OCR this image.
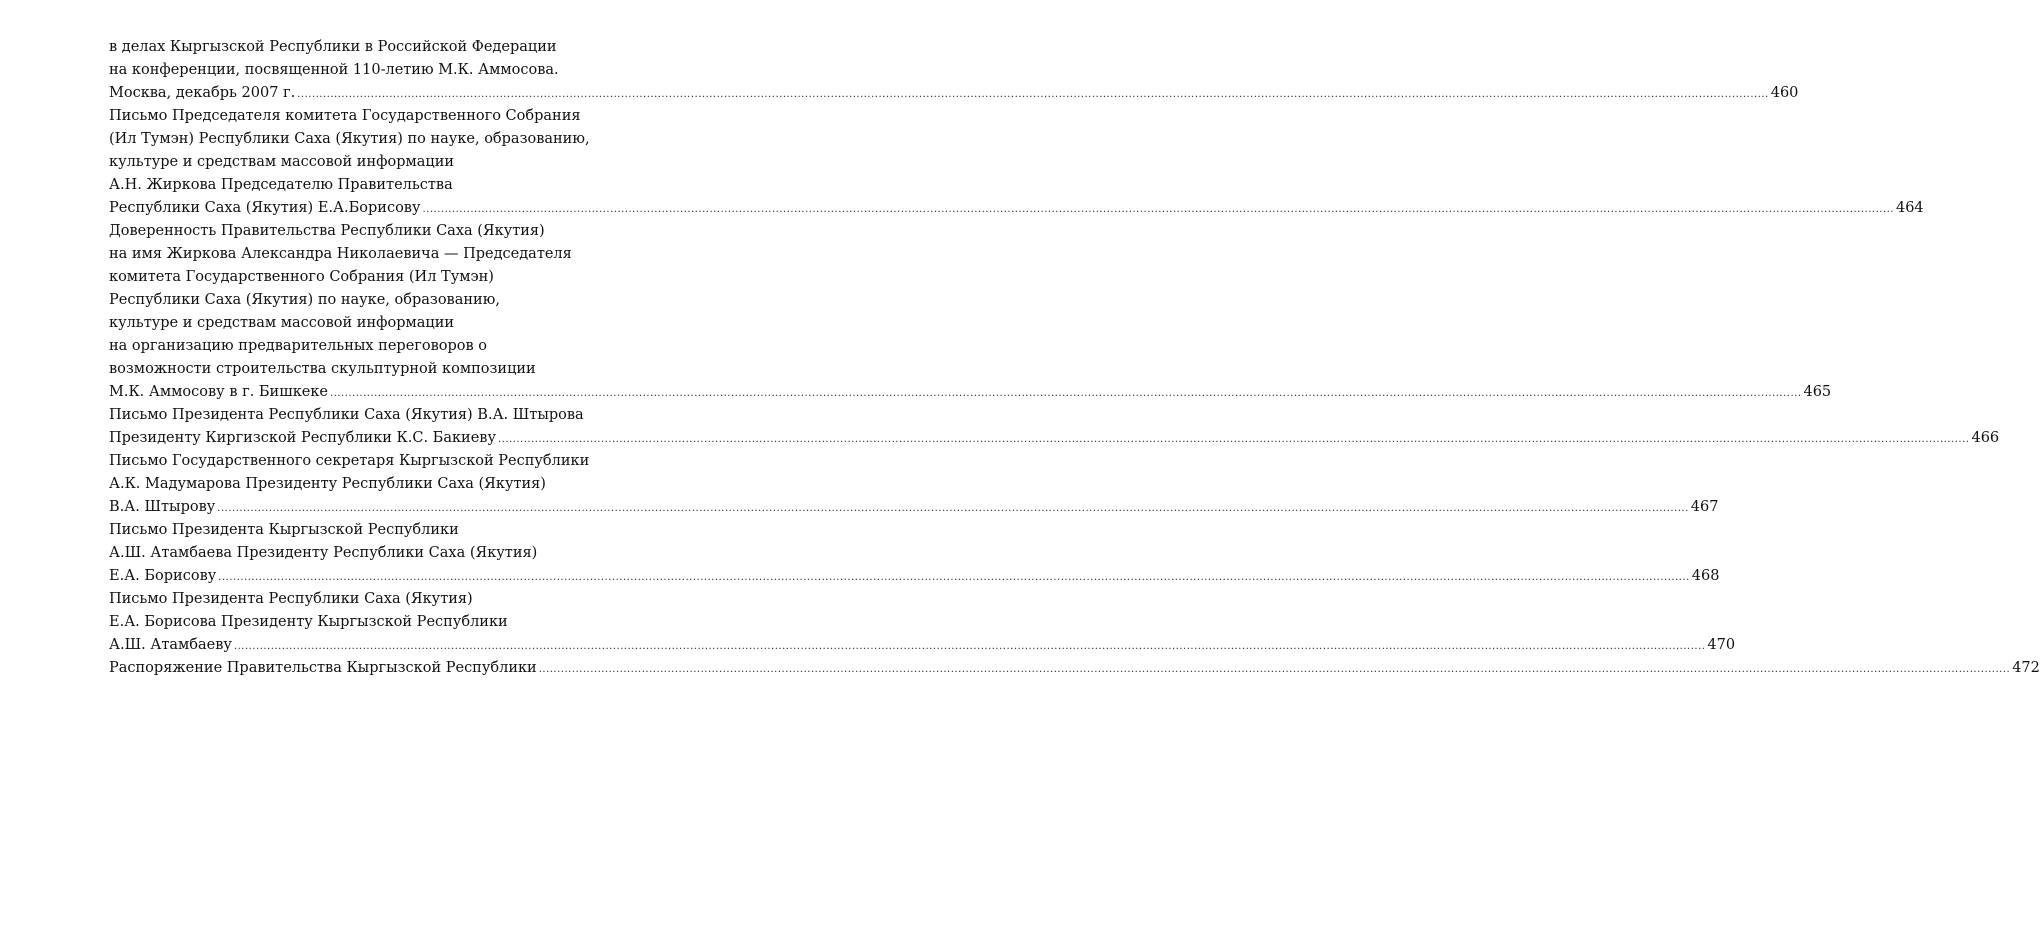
в делах Кыргызской Республики в Российской Федерации
на конференции, посвященной 110-летию М.К. Аммосова.
Москва, декабрь 2007 г. ................................................................................................................................................................................................................................................................................................................................................................................................................ 460
Письмо Председателя комитета Государственного Собрания
(Ил Тумэн) Республики Саха (Якутия) по науке, образованию,
культуре и средствам массовой информации
А.Н. Жиркова Председателю Правительства
Республики Саха (Якутия) Е.А.Борисову ................................................................................................................................................................................................................................................................................................................................................................................................................ 464
Доверенность Правительства Республики Саха (Якутия)
на имя Жиркова Александра Николаевича — Председателя
комитета Государственного Собрания (Ил Тумэн)
Республики Саха (Якутия) по науке, образованию,
культуре и средствам массовой информации
на организацию предварительных переговоров о
возможности строительства скульптурной композиции
М.К. Аммосову в г. Бишкеке ................................................................................................................................................................................................................................................................................................................................................................................................................ 465
Письмо Президента Республики Саха (Якутия) В.А. Штырова
Президенту Киргизской Республики К.С. Бакиеву ................................................................................................................................................................................................................................................................................................................................................................................................................ 466
Письмо Государственного секретаря Кыргызской Республики
А.К. Мадумарова Президенту Республики Саха (Якутия)
В.А. Штырову ................................................................................................................................................................................................................................................................................................................................................................................................................ 467
Письмо Президента Кыргызской Республики
А.Ш. Атамбаева Президенту Республики Саха (Якутия)
Е.А. Борисову ................................................................................................................................................................................................................................................................................................................................................................................................................ 468
Письмо Президента Республики Саха (Якутия)
Е.А. Борисова Президенту Кыргызской Республики
А.Ш. Атамбаеву ................................................................................................................................................................................................................................................................................................................................................................................................................ 470
Распоряжение Правительства Кыргызской Республики ................................................................................................................................................................................................................................................................................................................................................................................................................ 472
